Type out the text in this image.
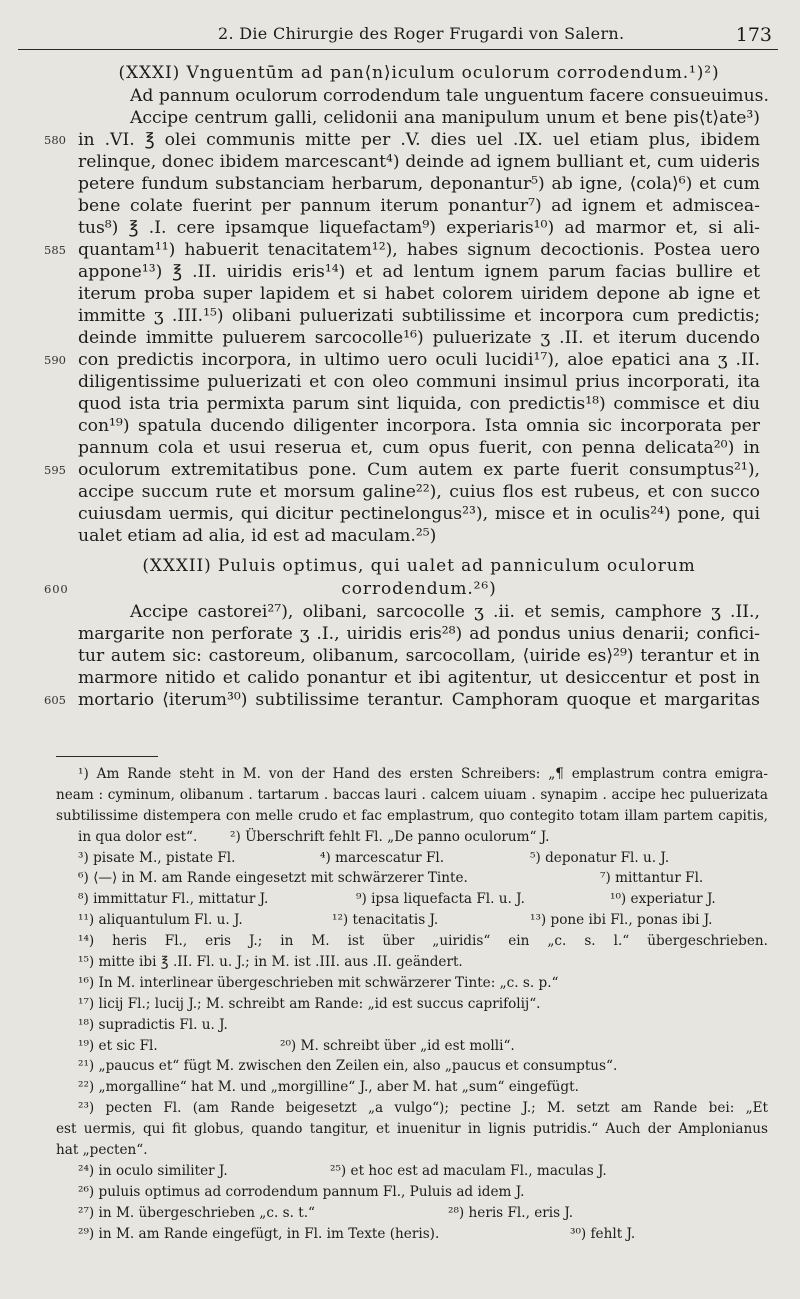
2. Die Chirurgie des Roger Frugardi von Salern.	173
(XXXI) Vnguentūm ad pan⟨n⟩iculum oculorum corrodendum.¹)²)
Ad pannum oculorum corrodendum tale unguentum facere consueuimus.
Accipe centrum galli, celidonii ana manipulum unum et bene pis⟨t⟩ate³)
580 in .VI. ℥ olei communis mitte per .V. dies uel .IX. uel etiam plus, ibidem
relinque, donec ibidem marcescant⁴) deinde ad ignem bulliant et, cum uideris
petere fundum substanciam herbarum, deponantur⁵) ab igne, ⟨cola⟩⁶) et cum
bene colate fuerint per pannum iterum ponantur⁷) ad ignem et admiscea-
tus⁸) ℥ .I. cere ipsamque liquefactam⁹) experiaris¹⁰) ad marmor et, si ali-
585 quantam¹¹) habuerit tenacitatem¹²), habes signum decoctionis. Postea uero
appone¹³) ℥ .II. uiridis eris¹⁴) et ad lentum ignem parum facias bullire et
iterum proba super lapidem et si habet colorem uiridem depone ab igne et
immitte ʒ .III.¹⁵) olibani puluerizati subtilissime et incorpora cum predictis;
deinde immitte puluerem sarcocolle¹⁶) puluerizate ʒ .II. et iterum ducendo
590 con predictis incorpora, in ultimo uero oculi lucidi¹⁷), aloe epatici ana ʒ .II.
diligentissime puluerizati et con oleo communi insimul prius incorporati, ita
quod ista tria permixta parum sint liquida, con predictis¹⁸) commisce et diu
con¹⁹) spatula ducendo diligenter incorpora. Ista omnia sic incorporata per
pannum cola et usui reserua et, cum opus fuerit, con penna delicata²⁰) in
595 oculorum extremitatibus pone. Cum autem ex parte fuerit consumptus²¹),
accipe succum rute et morsum galine²²), cuius flos est rubeus, et con succo
cuiusdam uermis, qui dicitur pectinelongus²³), misce et in oculis²⁴) pone, qui
ualet etiam ad alia, id est ad maculam.²⁵)
(XXXII) Puluis optimus, qui ualet ad panniculum oculorum
600	corrodendum.²⁶)
Accipe castorei²⁷), olibani, sarcocolle ʒ .ii. et semis, camphore ʒ .II.,
margarite non perforate ʒ .I., uiridis eris²⁸) ad pondus unius denarii; confici-
tur autem sic: castoreum, olibanum, sarcocollam, ⟨uiride es⟩²⁹) terantur et in
marmore nitido et calido ponantur et ibi agitentur, ut desiccentur et post in
605 mortario ⟨iterum³⁰) subtilissime terantur. Camphoram quoque et margaritas
¹) Am Rande steht in M. von der Hand des ersten Schreibers: „¶ emplastrum contra emigra-
neam : cyminum, olibanum . tartarum . baccas lauri . calcem uiuam . synapim . accipe hec puluerizata
subtilissime distempera con melle crudo et fac emplastrum, quo contegito totam illam partem capitis,
in qua dolor est“.	²) Überschrift fehlt Fl. „De panno oculorum“ J.
³) pisate M., pistate Fl.	⁴) marcescatur Fl.	⁵) deponatur Fl. u. J.
⁶) ⟨—⟩ in M. am Rande eingesetzt mit schwärzerer Tinte.	⁷) mittantur Fl.
⁸) immittatur Fl., mittatur J.	⁹) ipsa liquefacta Fl. u. J.	¹⁰) experiatur J.
¹¹) aliquantulum Fl. u. J.	¹²) tenacitatis J.	¹³) pone ibi Fl., ponas ibi J.
¹⁴) heris Fl., eris J.; in M. ist über „uiridis“ ein „c. s. l.“ übergeschrieben.
¹⁵) mitte ibi ℥ .II. Fl. u. J.; in M. ist .III. aus .II. geändert.
¹⁶) In M. interlinear übergeschrieben mit schwärzerer Tinte: „c. s. p.“
¹⁷) licij Fl.; lucij J.; M. schreibt am Rande: „id est succus caprifolij“.
¹⁸) supradictis Fl. u. J.
¹⁹) et sic Fl.	²⁰) M. schreibt über „id est molli“.
²¹) „paucus et“ fügt M. zwischen den Zeilen ein, also „paucus et consumptus“.
²²) „morgalline“ hat M. und „morgilline“ J., aber M. hat „sum“ eingefügt.
²³) pecten Fl. (am Rande beigesetzt „a vulgo“); pectine J.; M. setzt am Rande bei: „Et
est uermis, qui fit globus, quando tangitur, et inuenitur in lignis putridis.“ Auch der Amplonianus
hat „pecten“.
²⁴) in oculo similiter J.	²⁵) et hoc est ad maculam Fl., maculas J.
²⁶) puluis optimus ad corrodendum pannum Fl., Puluis ad idem J.
²⁷) in M. übergeschrieben „c. s. t.“	²⁸) heris Fl., eris J.
²⁹) in M. am Rande eingefügt, in Fl. im Texte (heris).	³⁰) fehlt J.
